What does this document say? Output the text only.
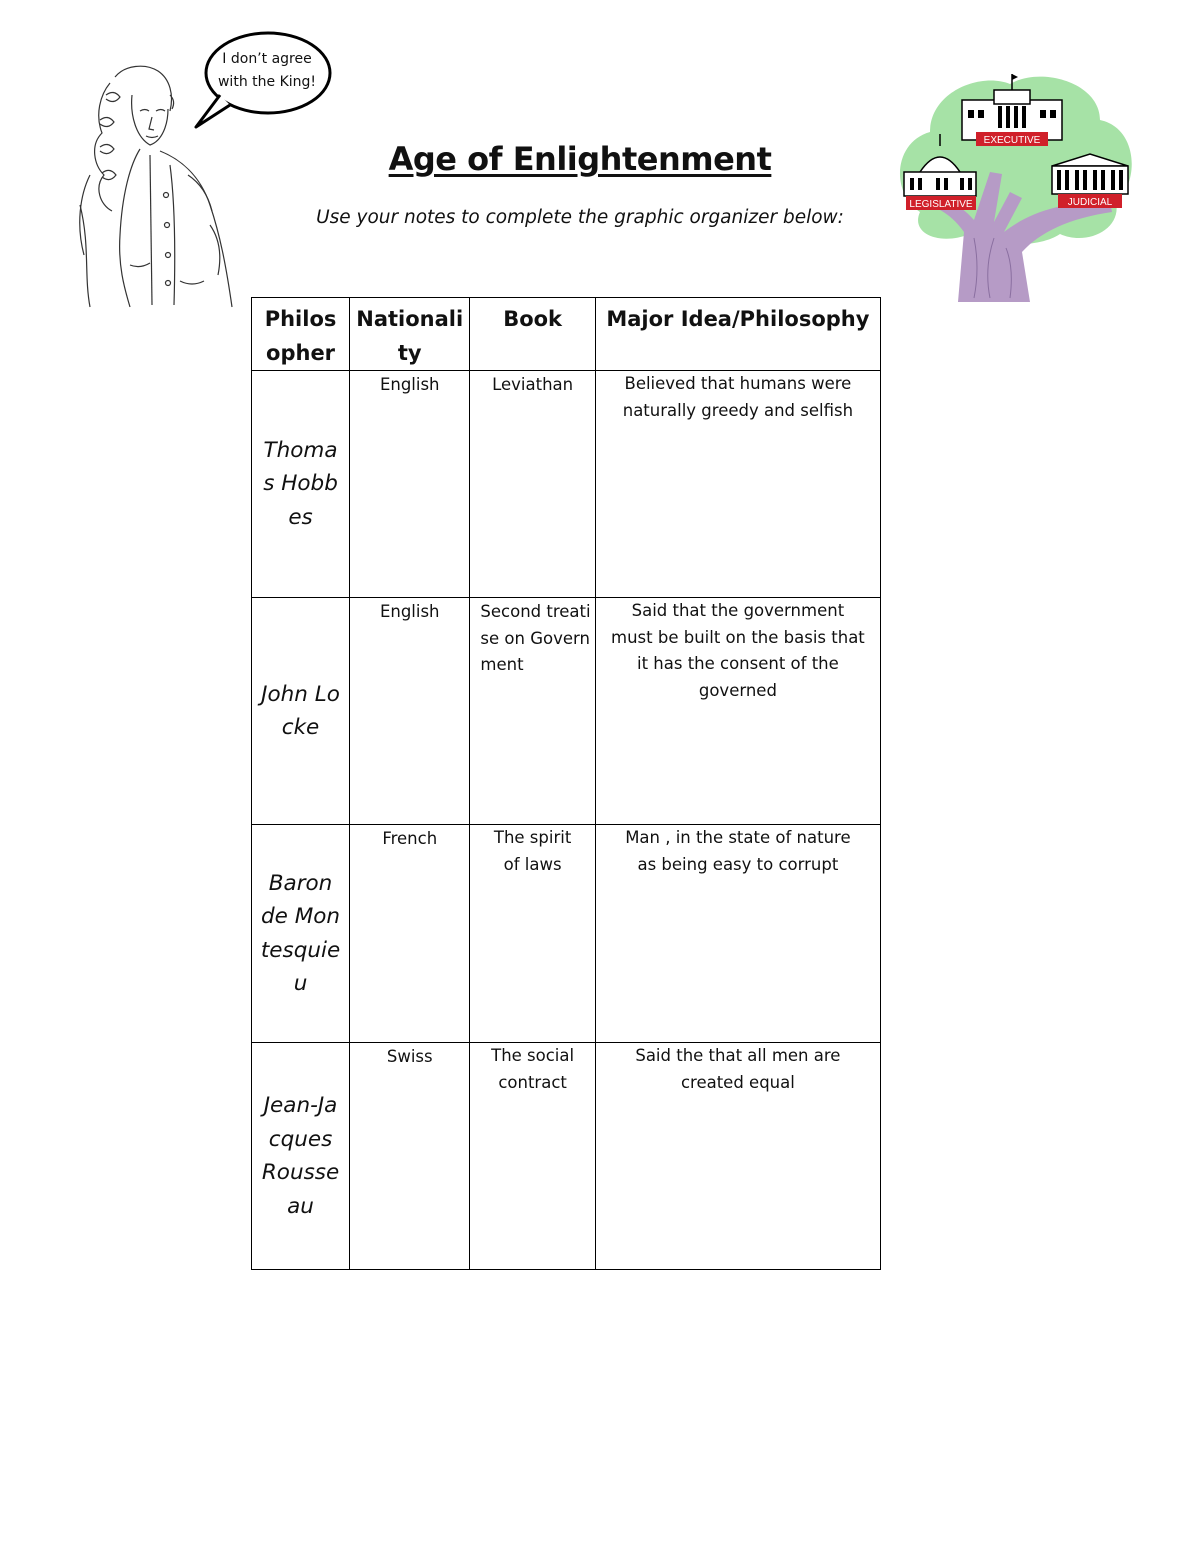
I don’t agree
with the King!
Age of Enlightenment
Use your notes to complete the graphic organizer below:
EXECUTIVE
LEGISLATIVE	JUDICIAL
Philosopher	Nationality	Book	Major Idea/Philosophy
Thomas Hobbes	English	Leviathan	Believed that humans were naturally greedy and selfish

John Locke	English	Second treatise on Government	Said that the government must be built on the basis that it has the consent of the governed

Baron de Montesquieu	French	The spirit of laws	Man , in the state of nature as being easy to corrupt

Jean-Jacques Rousseau	Swiss	The social contract	Said the that all men are created equal
